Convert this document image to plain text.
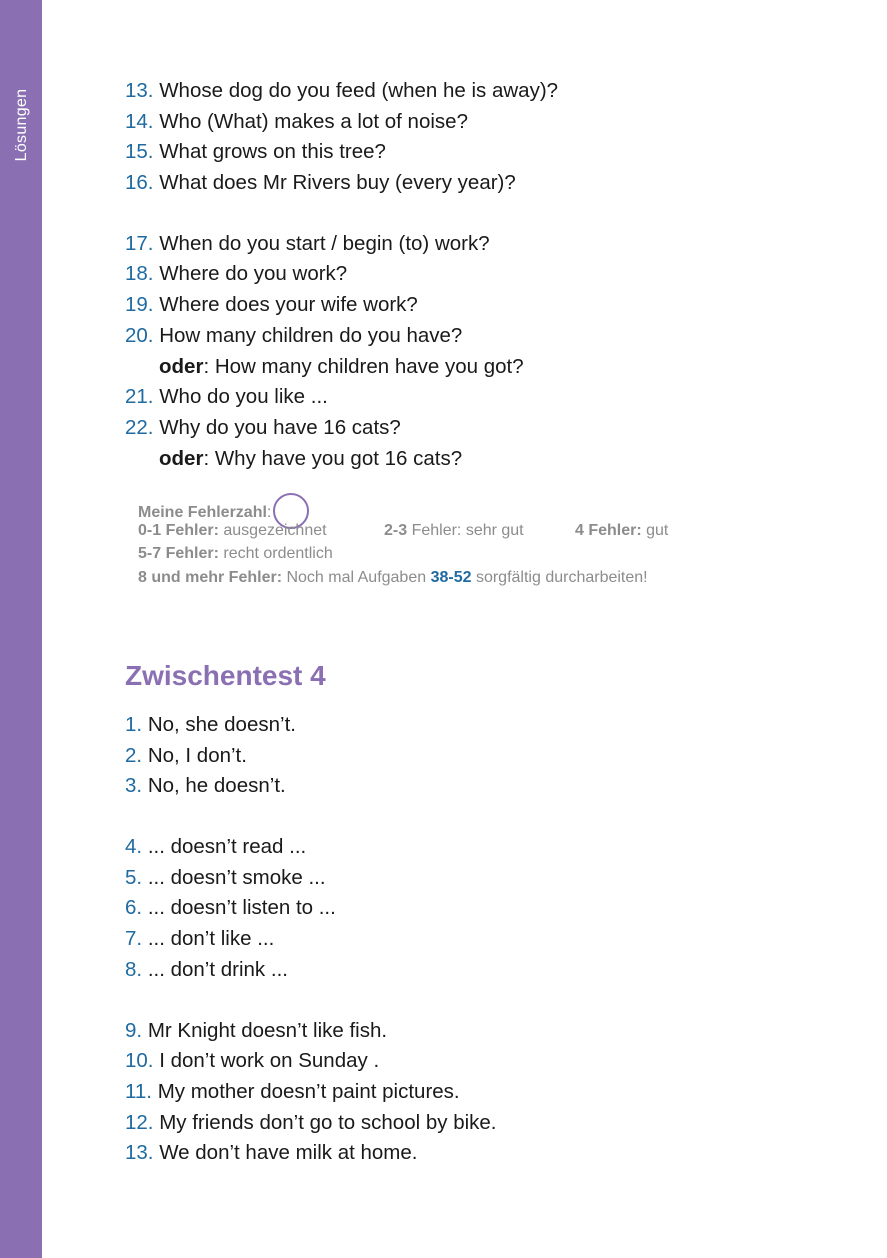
Lösungen	13. Whose dog do you feed (when he is away)?
14. Who (What) makes a lot of noise?
15. What grows on this tree?
16. What does Mr Rivers buy (every year)?
17. When do you start / begin (to) work?
18. Where do you work?
19. Where does your wife work?
20. How many children do you have?
oder: How many children have you got?
21. Who do you like ...
22. Why do you have 16 cats?
oder: Why have you got 16 cats?
Meine Fehlerzahl:
0-1 Fehler: ausgezeichnet	2-3 Fehler: sehr gut	4 Fehler: gut
5-7 Fehler: recht ordentlich
8 und mehr Fehler: Noch mal Aufgaben 38-52 sorgfältig durcharbeiten!
Zwischentest 4
1. No, she doesn’t.
2. No, I don’t.
3. No, he doesn’t.
4. ... doesn’t read ...
5. ... doesn’t smoke ...
6. ... doesn’t listen to ...
7. ... don’t like ...
8. ... don’t drink ...
9. Mr Knight doesn’t like fish.
10. I don’t work on Sunday .
11. My mother doesn’t paint pictures.
12. My friends don’t go to school by bike.
13. We don’t have milk at home.
